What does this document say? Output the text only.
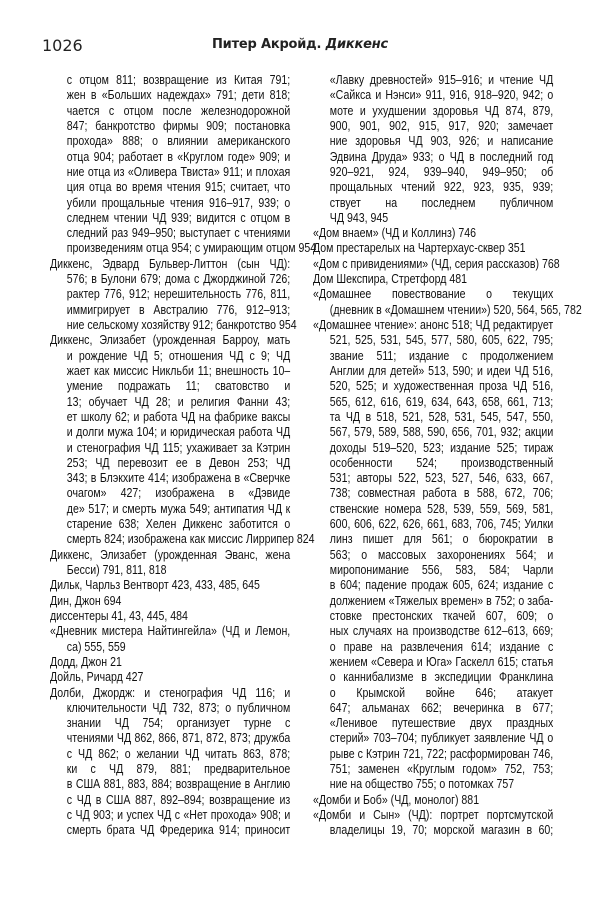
1026	Питер Акройд. Диккенс
с отцом 811; возвращение из Китая 791;
жен в «Больших надеждах» 791; дети 818;
чается с отцом после железнодорожной
847; банкротство фирмы 909; постановка
прохода» 888; о влиянии американского
отца 904; работает в «Круглом годе» 909; и
ние отца из «Оливера Твиста» 911; и плохая
ция отца во время чтения 915; считает, что
убили прощальные чтения 916–917, 939; о
следнем чтении ЧД 939; видится с отцом в
следний раз 949–950; выступает с чтениями
произведениям отца 954; с умирающим отцом 954
Диккенс, Эдвард Бульвер-Литтон (сын ЧД):
576; в Булони 679; дома с Джорджиной 726;
рактер 776, 912; нерешительность 776, 811,
иммигрирует в Австралию 776, 912–913;
ние сельскому хозяйству 912; банкротство 954
Диккенс, Элизабет (урожденная Барроу, мать
и рождение ЧД 5; отношения ЧД с 9; ЧД
жает как миссис Никльби 11; внешность 10–
умение подражать 11; сватовство и
13; обучает ЧД 28; и религия Фанни 43;
ет школу 62; и работа ЧД на фабрике ваксы
и долги мужа 104; и юридическая работа ЧД
и стенография ЧД 115; ухаживает за Кэтрин
253; ЧД перевозит ее в Девон 253; ЧД
343; в Блэкхите 414; изображена в «Сверчке
очагом» 427; изображена в «Дэвиде
де» 517; и смерть мужа 549; антипатия ЧД к
старение 638; Хелен Диккенс заботится о
смерть 824; изображена как миссис Лиррипер 824
Диккенс, Элизабет (урожденная Эванс, жена
Бесси) 791, 811, 818
Дильк, Чарльз Вентворт 423, 433, 485, 645
Дин, Джон 694
диссентеры 41, 43, 445, 484
«Дневник мистера Найтингейла» (ЧД и Лемон,
са) 555, 559
Додд, Джон 21
Дойль, Ричард 427
Долби, Джордж: и стенография ЧД 116; и
ключительности ЧД 732, 873; о публичном
знании ЧД 754; организует турне с
чтениями ЧД 862, 866, 871, 872, 873; дружба
с ЧД 862; о желании ЧД читать 863, 878;
ки с ЧД 879, 881; предварительное
в США 881, 883, 884; возвращение в Англию
с ЧД в США 887, 892–894; возвращение из
с ЧД 903; и успех ЧД с «Нет прохода» 908; и
смерть брата ЧД Фредерика 914; приносит
«Лавку древностей» 915–916; и чтение ЧД
«Сайкса и Нэнси» 911, 916, 918–920, 942; о
моте и ухудшении здоровья ЧД 874, 879,
900, 901, 902, 915, 917, 920; замечает
ние здоровья ЧД 903, 926; и написание
Эдвина Друда» 933; о ЧД в последний год
920–921, 924, 939–940, 949–950; об
прощальных чтений 922, 923, 935, 939;
ствует на последнем публичном
ЧД 943, 945
«Дом внаем» (ЧД и Коллинз) 746
Дом престарелых на Чартерхаус-сквер 351
«Дом с привидениями» (ЧД, серия рассказов) 768
Дом Шекспира, Стретфорд 481
«Домашнее повествование о текущих
(дневник в «Домашнем чтении») 520, 564, 565, 782
«Домашнее чтение»: анонс 518; ЧД редактирует
521, 525, 531, 545, 577, 580, 605, 622, 795;
звание 511; издание с продолжением
Англии для детей» 513, 590; и идеи ЧД 516,
520, 525; и художественная проза ЧД 516,
565, 612, 616, 619, 634, 643, 658, 661, 713;
та ЧД в 518, 521, 528, 531, 545, 547, 550,
567, 579, 589, 588, 590, 656, 701, 932; акции
доходы 519–520, 523; издание 525; тираж
особенности 524; производственный
531; авторы 522, 523, 527, 546, 633, 667,
738; совместная работа в 588, 672, 706;
ственские номера 528, 539, 559, 569, 581,
600, 606, 622, 626, 661, 683, 706, 745; Уилки
линз пишет для 561; о бюрократии в
563; о массовых захоронениях 564; и
миропонимание 556, 583, 584; Чарли
в 604; падение продаж 605, 624; издание с
должением «Тяжелых времен» в 752; о заба-
стовке престонских ткачей 607, 609; о
ных случаях на производстве 612–613, 669;
о праве на развлечения 614; издание с
жением «Севера и Юга» Гаскелл 615; статья
о каннибализме в экспедиции Франклина
о Крымской войне 646; атакует
647; альманах 662; вечеринка в 677;
«Ленивое путешествие двух праздных
стерий» 703–704; публикует заявление ЧД о
рыве с Кэтрин 721, 722; расформирован 746,
751; заменен «Круглым годом» 752, 753;
ние на общество 755; о потомках 757
«Домби и Боб» (ЧД, монолог) 881
«Домби и Сын» (ЧД): портрет портсмутской
владелицы 19, 70; морской магазин в 60;
